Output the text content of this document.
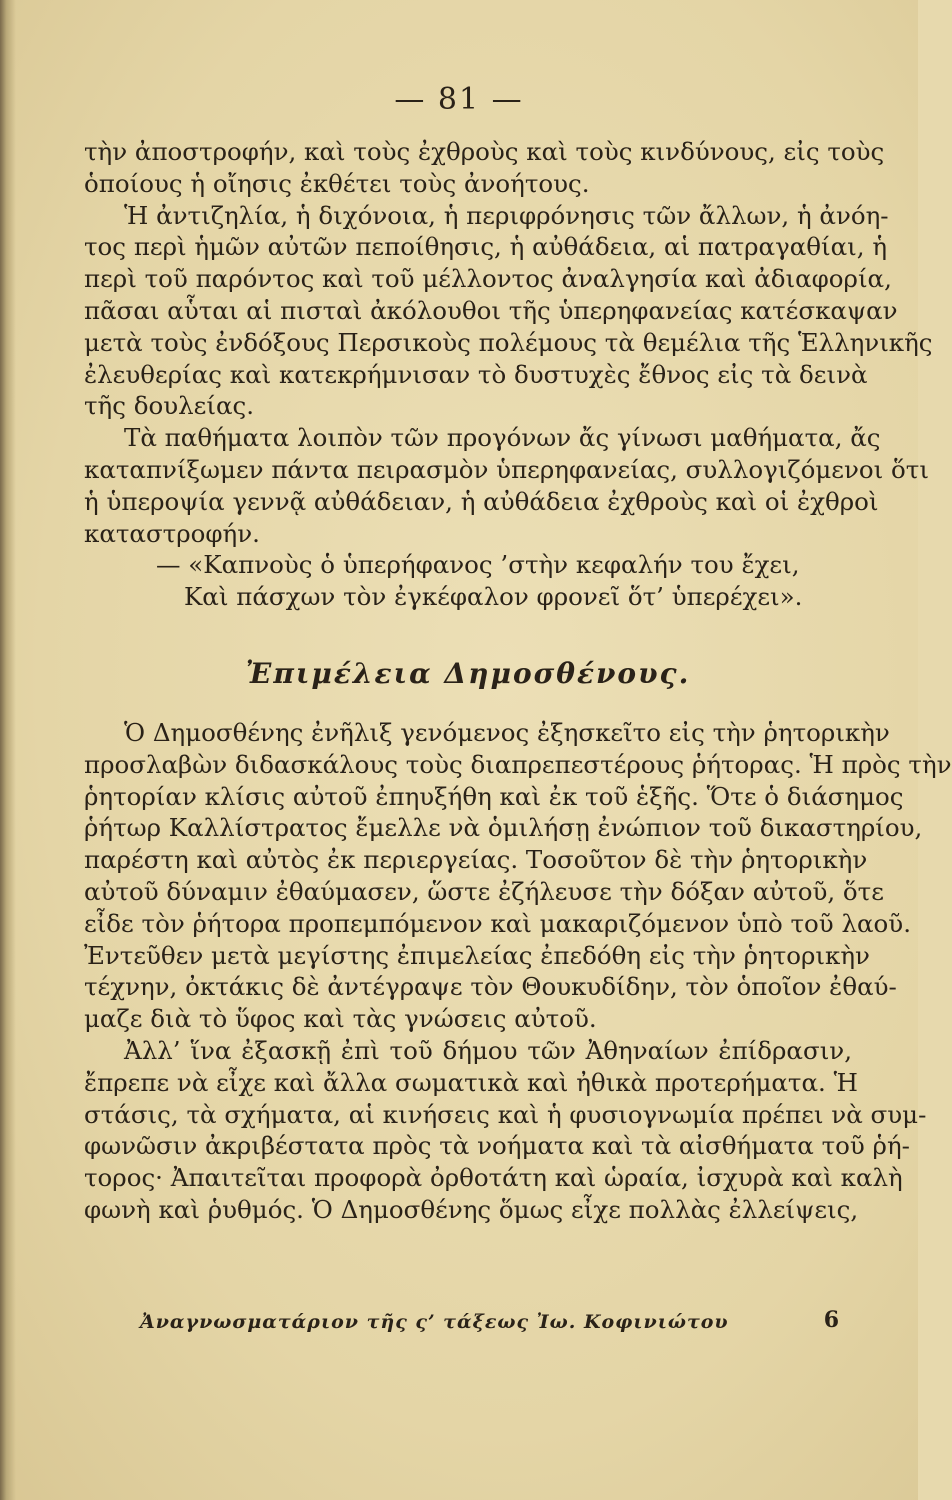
— 81 —
τὴν ἀποστροφήν, καὶ τοὺς ἐχθροὺς καὶ τοὺς κινδύνους, εἰς τοὺς
ὁποίους ἡ οἴησις ἐκθέτει τοὺς ἀνοήτους.
Ἡ ἀντιζηλία, ἡ διχόνοια, ἡ περιφρόνησις τῶν ἄλλων, ἡ ἀνόη-
τος περὶ ἡμῶν αὐτῶν πεποίθησις, ἡ αὐθάδεια, αἱ πατραγαθίαι, ἡ
περὶ τοῦ παρόντος καὶ τοῦ μέλλοντος ἀναλγησία καὶ ἀδιαφορία,
πᾶσαι αὗται αἱ πισταὶ ἀκόλουθοι τῆς ὑπερηφανείας κατέσκαψαν
μετὰ τοὺς ἐνδόξους Περσικοὺς πολέμους τὰ θεμέλια τῆς Ἑλληνικῆς
ἐλευθερίας καὶ κατεκρήμνισαν τὸ δυστυχὲς ἔθνος εἰς τὰ δεινὰ
τῆς δουλείας.
Τὰ παθήματα λοιπὸν τῶν προγόνων ἄς γίνωσι μαθήματα, ἄς
καταπνίξωμεν πάντα πειρασμὸν ὑπερηφανείας, συλλογιζόμενοι ὅτι
ἡ ὑπεροψία γεννᾷ αὐθάδειαν, ἡ αὐθάδεια ἐχθροὺς καὶ οἱ ἐχθροὶ
καταστροφήν.
— «Καπνοὺς ὁ ὑπερήφανος ’στὴν κεφαλήν του ἔχει,
Καὶ πάσχων τὸν ἐγκέφαλον φρονεῖ ὅτ’ ὑπερέχει».
Ἐπιμέλεια Δημοσθένους.
Ὁ Δημοσθένης ἐνῆλιξ γενόμενος ἐξησκεῖτο εἰς τὴν ῥητορικὴν
προσλαβὼν διδασκάλους τοὺς διαπρεπεστέρους ῥήτορας. Ἡ πρὸς τὴν
ῥητορίαν κλίσις αὐτοῦ ἐπηυξήθη καὶ ἐκ τοῦ ἑξῆς. Ὅτε ὁ διάσημος
ῥήτωρ Καλλίστρατος ἔμελλε νὰ ὁμιλήσῃ ἐνώπιον τοῦ δικαστηρίου,
παρέστη καὶ αὐτὸς ἐκ περιεργείας. Τοσοῦτον δὲ τὴν ῥητορικὴν
αὐτοῦ δύναμιν ἐθαύμασεν, ὥστε ἐζήλευσε τὴν δόξαν αὐτοῦ, ὅτε
εἶδε τὸν ῥήτορα προπεμπόμενον καὶ μακαριζόμενον ὑπὸ τοῦ λαοῦ.
Ἐντεῦθεν μετὰ μεγίστης ἐπιμελείας ἐπεδόθη εἰς τὴν ῥητορικὴν
τέχνην, ὀκτάκις δὲ ἀντέγραψε τὸν Θουκυδίδην, τὸν ὁποῖον ἐθαύ-
μαζε διὰ τὸ ὕφος καὶ τὰς γνώσεις αὐτοῦ.
Ἀλλ’ ἵνα ἐξασκῇ ἐπὶ τοῦ δήμου τῶν Ἀθηναίων ἐπίδρασιν,
ἔπρεπε νὰ εἶχε καὶ ἄλλα σωματικὰ καὶ ἠθικὰ προτερήματα. Ἡ
στάσις, τὰ σχήματα, αἱ κινήσεις καὶ ἡ φυσιογνωμία πρέπει νὰ συμ-
φωνῶσιν ἀκριβέστατα πρὸς τὰ νοήματα καὶ τὰ αἰσθήματα τοῦ ῥή-
τορος· Ἀπαιτεῖται προφορὰ ὀρθοτάτη καὶ ὡραία, ἰσχυρὰ καὶ καλὴ
φωνὴ καὶ ῥυθμός. Ὁ Δημοσθένης ὅμως εἶχε πολλὰς ἐλλείψεις,
Ἀναγνωσματάριον τῆς ς’ τάξεως Ἰω. Κοφινιώτου	6
